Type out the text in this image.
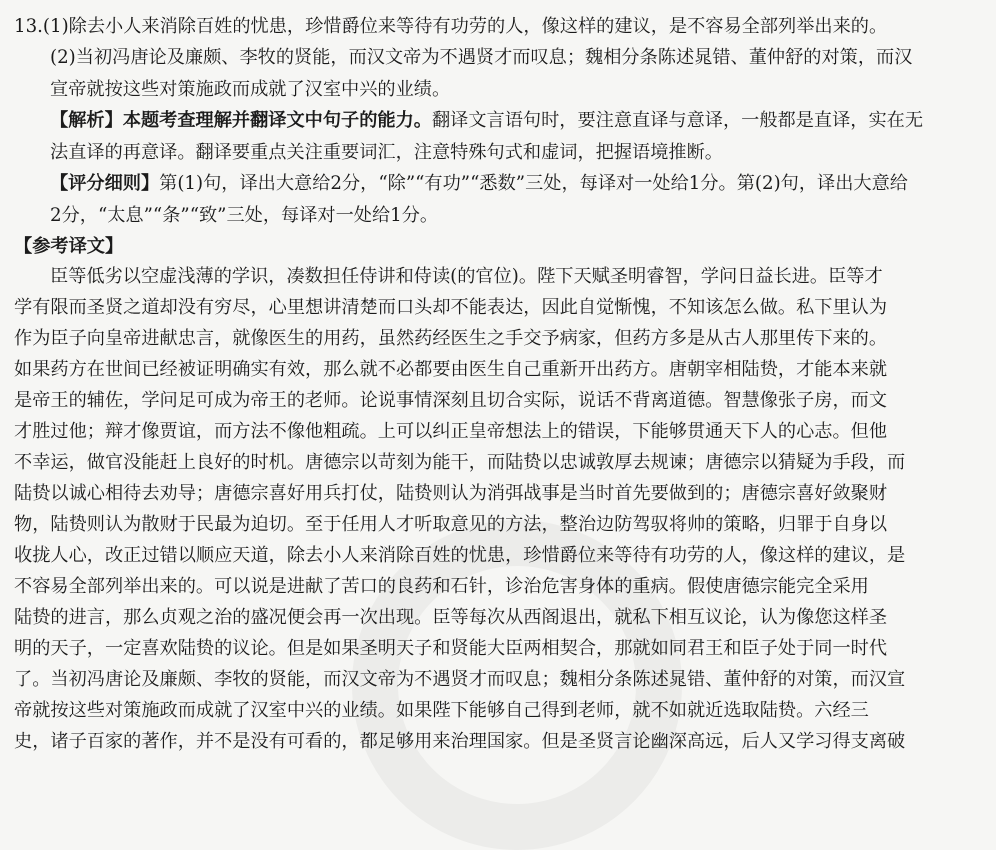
13.(1)除去小人来消除百姓的忧患，珍惜爵位来等待有功劳的人，像这样的建议，是不容易全部列举出来的。
(2)当初冯唐论及廉颇、李牧的贤能，而汉文帝为不遇贤才而叹息；魏相分条陈述晁错、董仲舒的对策，而汉
宣帝就按这些对策施政而成就了汉室中兴的业绩。
【解析】本题考查理解并翻译文中句子的能力。翻译文言语句时，要注意直译与意译，一般都是直译，实在无
法直译的再意译。翻译要重点关注重要词汇，注意特殊句式和虚词，把握语境推断。
【评分细则】第(1)句，译出大意给2分，“除”“有功”“悉数”三处，每译对一处给1分。第(2)句，译出大意给
2分，“太息”“条”“致”三处，每译对一处给1分。
【参考译文】
臣等低劣以空虚浅薄的学识，凑数担任侍讲和侍读(的官位)。陛下天赋圣明睿智，学问日益长进。臣等才
学有限而圣贤之道却没有穷尽，心里想讲清楚而口头却不能表达，因此自觉惭愧，不知该怎么做。私下里认为
作为臣子向皇帝进献忠言，就像医生的用药，虽然药经医生之手交予病家，但药方多是从古人那里传下来的。
如果药方在世间已经被证明确实有效，那么就不必都要由医生自己重新开出药方。唐朝宰相陆贽，才能本来就
是帝王的辅佐，学问足可成为帝王的老师。论说事情深刻且切合实际，说话不背离道德。智慧像张子房，而文
才胜过他；辩才像贾谊，而方法不像他粗疏。上可以纠正皇帝想法上的错误，下能够贯通天下人的心志。但他
不幸运，做官没能赶上良好的时机。唐德宗以苛刻为能干，而陆贽以忠诚敦厚去规谏；唐德宗以猜疑为手段，而
陆贽以诚心相待去劝导；唐德宗喜好用兵打仗，陆贽则认为消弭战事是当时首先要做到的；唐德宗喜好敛聚财
物，陆贽则认为散财于民最为迫切。至于任用人才听取意见的方法，整治边防驾驭将帅的策略，归罪于自身以
收拢人心，改正过错以顺应天道，除去小人来消除百姓的忧患，珍惜爵位来等待有功劳的人，像这样的建议，是
不容易全部列举出来的。可以说是进献了苦口的良药和石针，诊治危害身体的重病。假使唐德宗能完全采用
陆贽的进言，那么贞观之治的盛况便会再一次出现。臣等每次从西阁退出，就私下相互议论，认为像您这样圣
明的天子，一定喜欢陆贽的议论。但是如果圣明天子和贤能大臣两相契合，那就如同君王和臣子处于同一时代
了。当初冯唐论及廉颇、李牧的贤能，而汉文帝为不遇贤才而叹息；魏相分条陈述晁错、董仲舒的对策，而汉宣
帝就按这些对策施政而成就了汉室中兴的业绩。如果陛下能够自己得到老师，就不如就近选取陆贽。六经三
史，诸子百家的著作，并不是没有可看的，都足够用来治理国家。但是圣贤言论幽深高远，后人又学习得支离破
